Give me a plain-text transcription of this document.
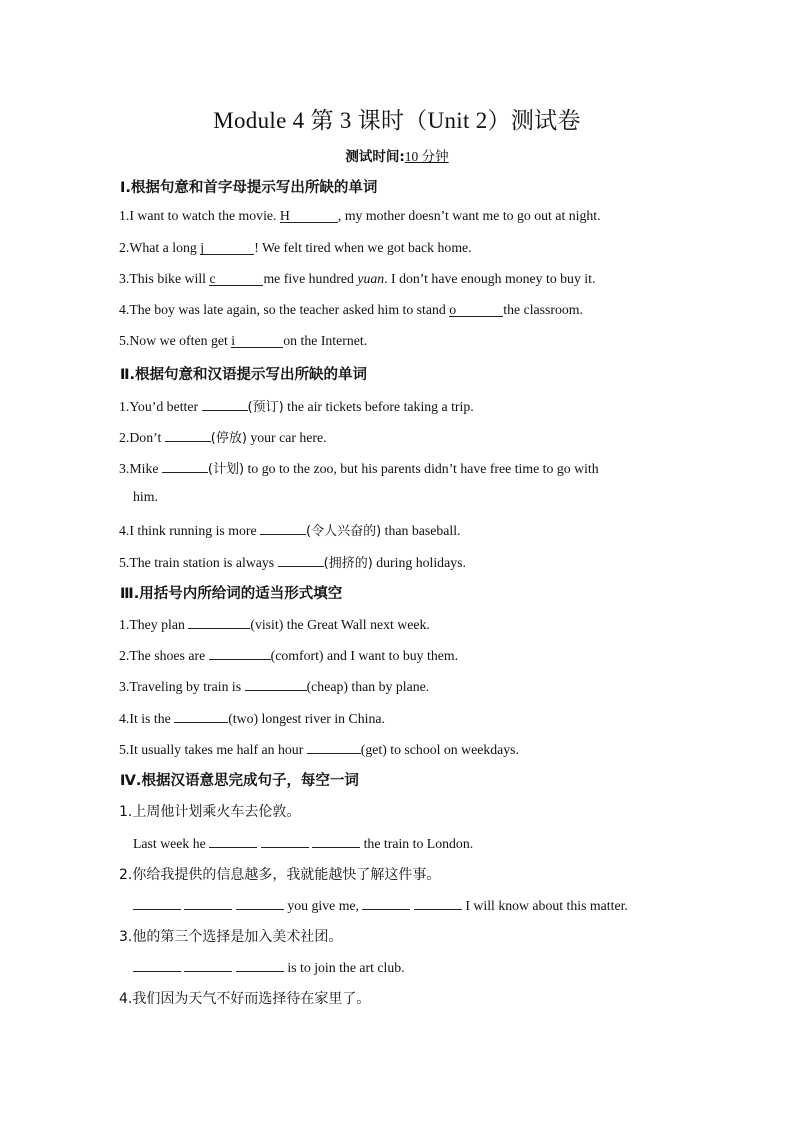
Module 4 第 3 课时（Unit 2）测试卷
测试时间:10 分钟
Ⅰ.根据句意和首字母提示写出所缺的单词
1.I want to watch the movie. H	, my mother doesn’t want me to go out at night.
2.What a long j	! We felt tired when we got back home.
3.This bike will c	me five hundred yuan. I don’t have enough money to buy it.
4.The boy was late again, so the teacher asked him to stand o	the classroom.
5.Now we often get i	on the Internet.
Ⅱ.根据句意和汉语提示写出所缺的单词
1.You’d better	(预订) the air tickets before taking a trip.
2.Don’t	(停放) your car here.
3.Mike	(计划) to go to the zoo, but his parents didn’t have free time to go with
him.
4.I think running is more	(令人兴奋的) than baseball.
5.The train station is always	(拥挤的) during holidays.
Ⅲ.用括号内所给词的适当形式填空
1.They plan	(visit) the Great Wall next week.
2.The shoes are	(comfort) and I want to buy them.
3.Traveling by train is	(cheap) than by plane.
4.It is the	(two) longest river in China.
5.It usually takes me half an hour	(get) to school on weekdays.
Ⅳ.根据汉语意思完成句子，每空一词
1.上周他计划乘火车去伦敦。
Last week he	the train to London.
2.你给我提供的信息越多，我就能越快了解这件事。
you give me,	I will know about this matter.
3.他的第三个选择是加入美术社团。
is to join the art club.
4.我们因为天气不好而选择待在家里了。
